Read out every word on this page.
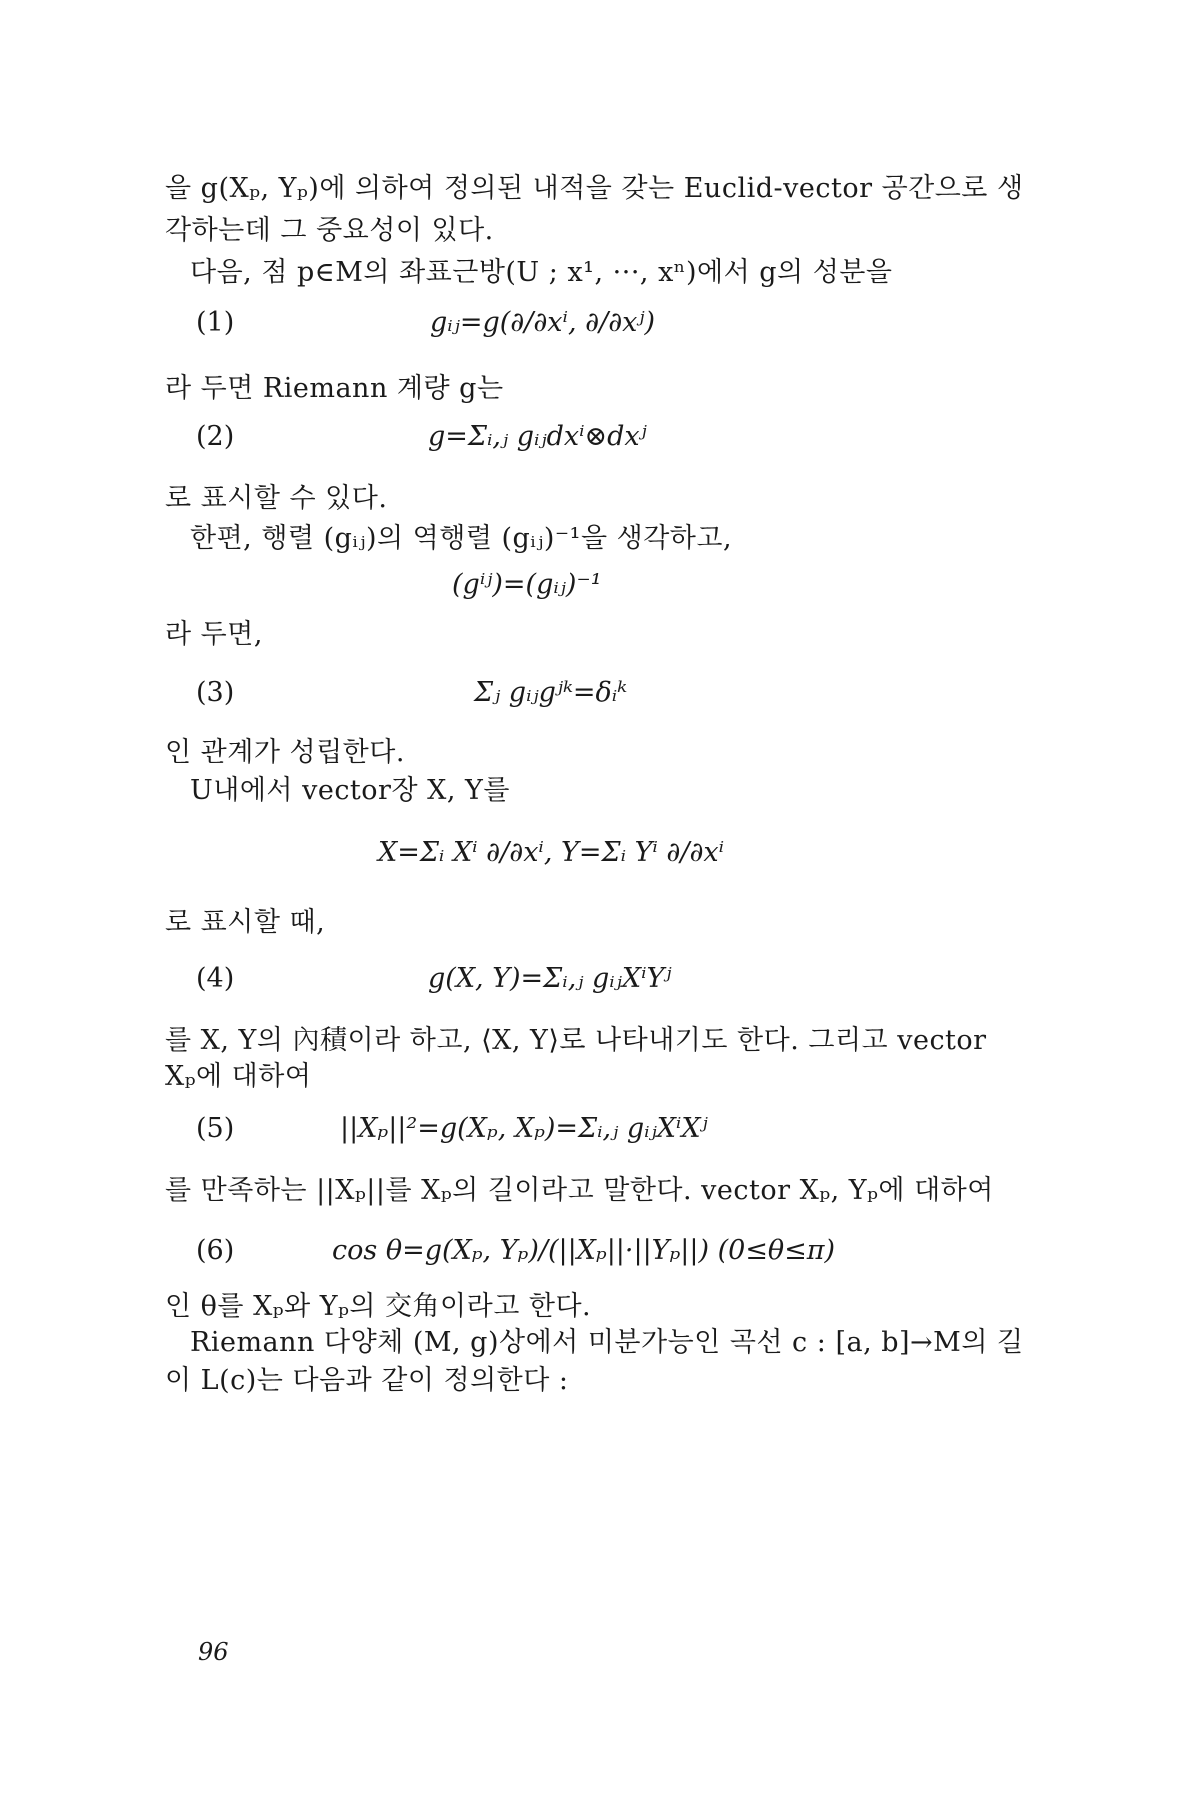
을 g(Xₚ, Yₚ)에 의하여 정의된 내적을 갖는 Euclid-vector 공간으로 생
각하는데 그 중요성이 있다.
다음, 점 p∈M의 좌표근방(U ; x¹, ···, xⁿ)에서 g의 성분을
(1)	gᵢⱼ=g(∂/∂xⁱ, ∂/∂xʲ)
라 두면 Riemann 계량 g는
(2)	g=Σᵢ,ⱼ gᵢⱼdxⁱ⊗dxʲ
로 표시할 수 있다.
한편, 행렬 (gᵢⱼ)의 역행렬 (gᵢⱼ)⁻¹을 생각하고,
(gⁱʲ)=(gᵢⱼ)⁻¹
라 두면,
(3)	Σⱼ gᵢⱼgʲᵏ=δᵢᵏ
인 관계가 성립한다.
U내에서 vector장 X, Y를
X=Σᵢ Xⁱ ∂/∂xⁱ, Y=Σᵢ Yⁱ ∂/∂xⁱ
로 표시할 때,
(4)	g(X, Y)=Σᵢ,ⱼ gᵢⱼXⁱYʲ
를 X, Y의 內積이라 하고, ⟨X, Y⟩로 나타내기도 한다. 그리고 vector
Xₚ에 대하여
(5)	||Xₚ||²=g(Xₚ, Xₚ)=Σᵢ,ⱼ gᵢⱼXⁱXʲ
를 만족하는 ||Xₚ||를 Xₚ의 길이라고 말한다. vector Xₚ, Yₚ에 대하여
(6)	cos θ=g(Xₚ, Yₚ)/(||Xₚ||·||Yₚ||) (0≤θ≤π)
인 θ를 Xₚ와 Yₚ의 交角이라고 한다.
Riemann 다양체 (M, g)상에서 미분가능인 곡선 c : [a, b]→M의 길
이 L(c)는 다음과 같이 정의한다 :
96
